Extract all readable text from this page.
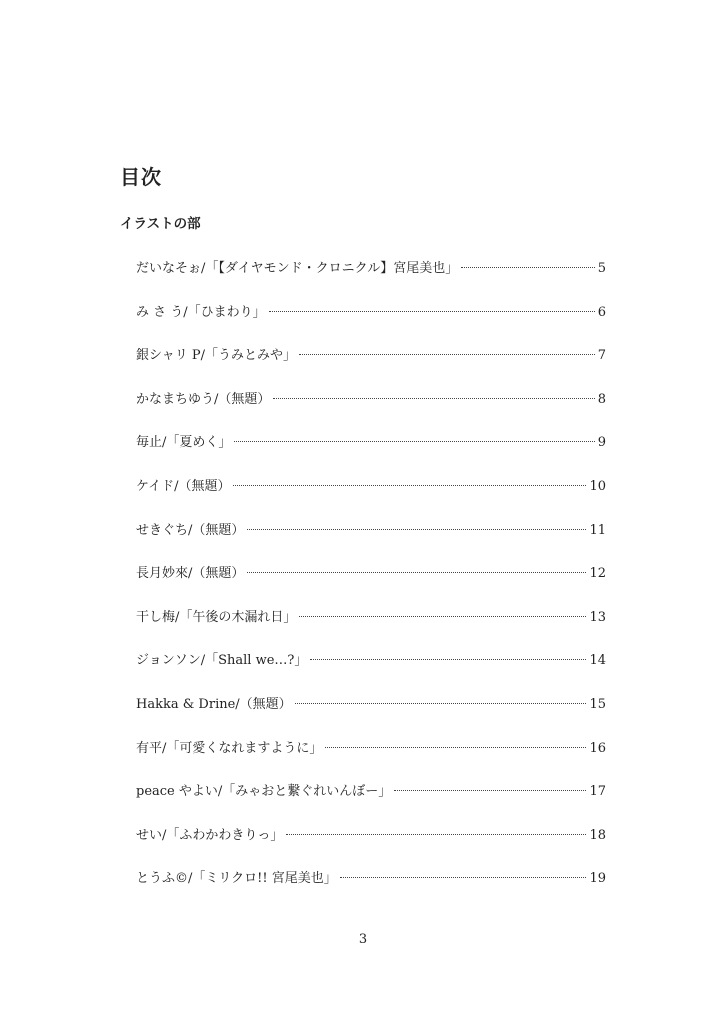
目次
イラストの部
だいなそぉ/「【ダイヤモンド・クロニクル】宮尾美也」	5
み さ う/「ひまわり」	6
銀シャリ P/「うみとみや」	7
かなまちゆう/（無題）	8
毎止/「夏めく」	9
ケイド/（無題）	10
せきぐち/（無題）	11
長月妙來/（無題）	12
干し梅/「午後の木漏れ日」	13
ジョンソン/「Shall we…?」	14
Hakka & Drine/（無題）	15
有平/「可愛くなれますように」	16
peace やよい/「みゃおと繋ぐれいんぼー」	17
せい/「ふわかわきりっ」	18
とうふ©/「ミリクロ!! 宮尾美也」	19
3
